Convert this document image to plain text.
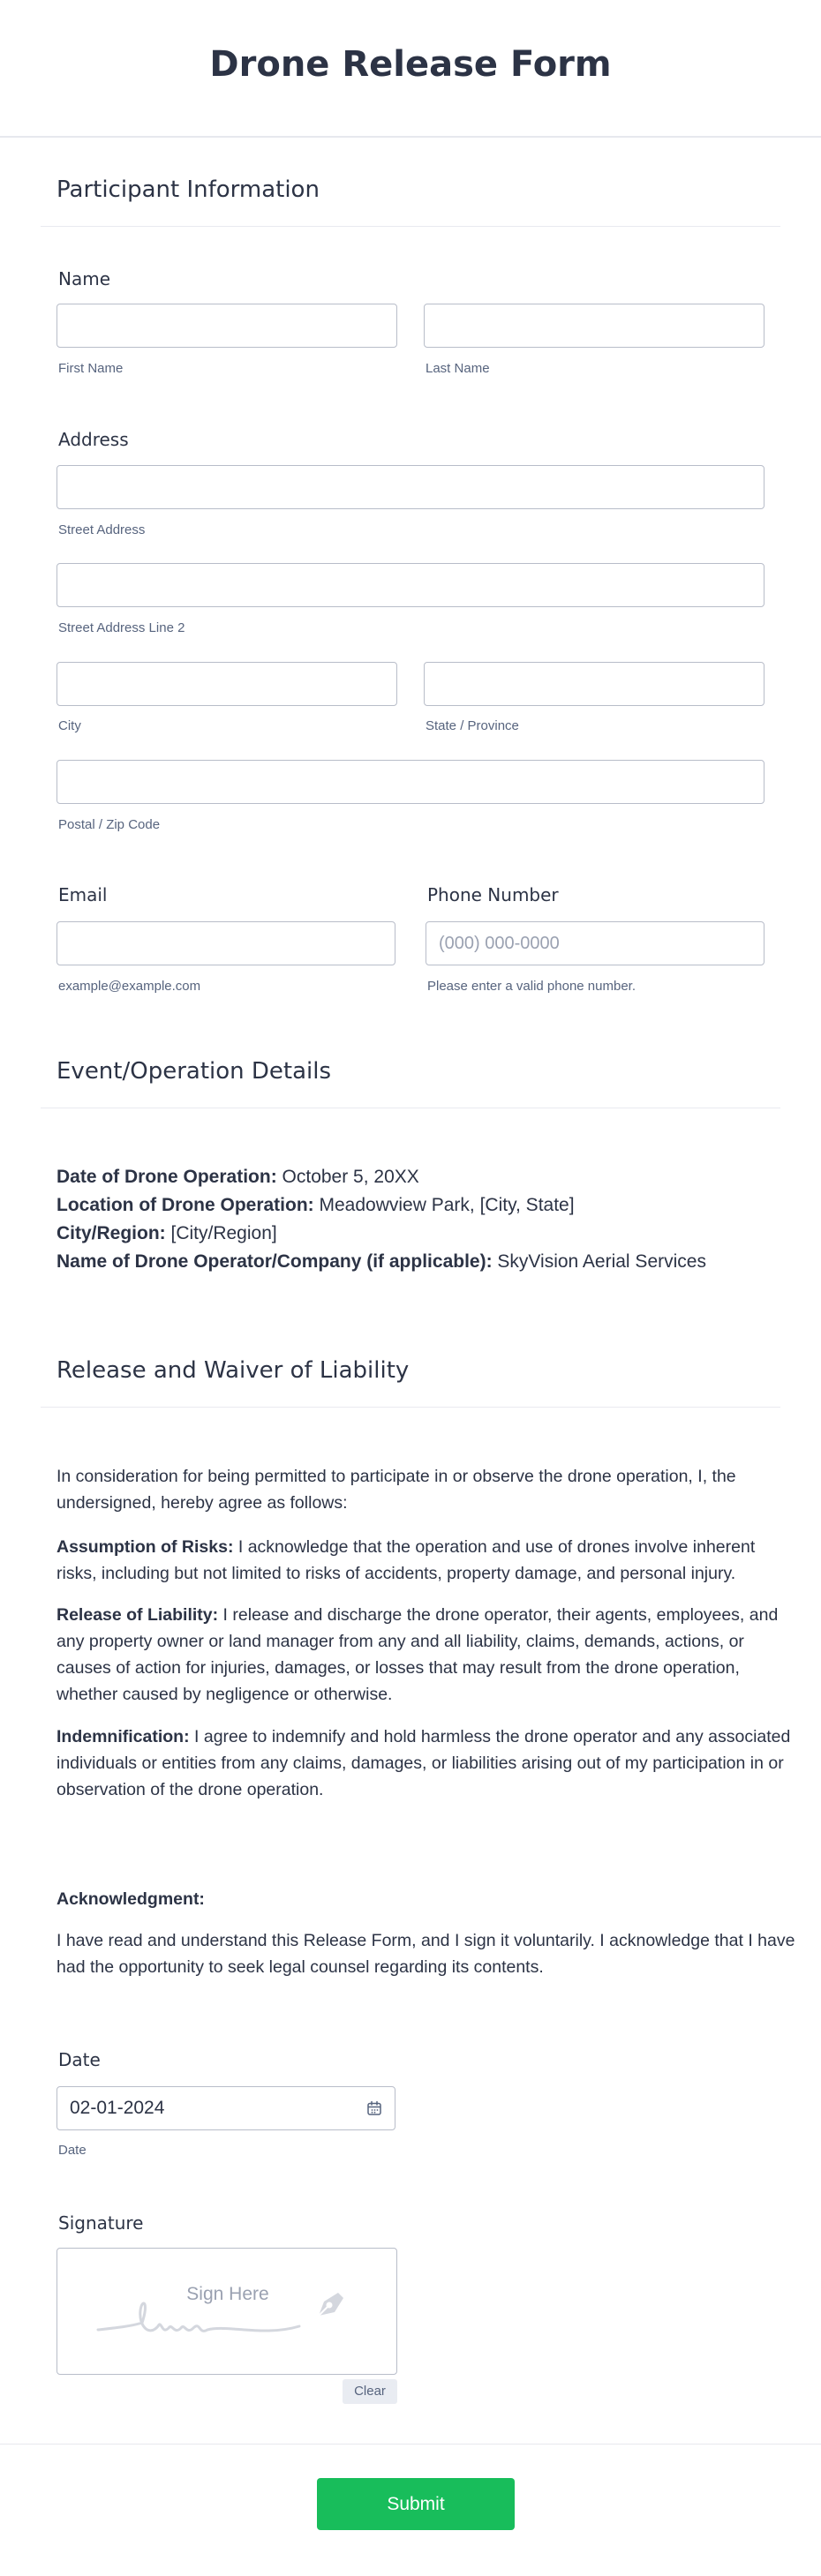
Drone Release Form
Participant Information
Name
First Name	Last Name
Address
Street Address
Street Address Line 2
City	State / Province
Postal / Zip Code
Email
example@example.com
Phone Number
(000) 000-0000
Please enter a valid phone number.
Event/Operation Details
Date of Drone Operation: October 5, 20XX
Location of Drone Operation: Meadowview Park, [City, State]
City/Region: [City/Region]
Name of Drone Operator/Company (if applicable): SkyVision Aerial Services
Release and Waiver of Liability
In consideration for being permitted to participate in or observe the drone operation, I, the undersigned, hereby agree as follows:
Assumption of Risks: I acknowledge that the operation and use of drones involve inherent risks, including but not limited to risks of accidents, property damage, and personal injury.
Release of Liability: I release and discharge the drone operator, their agents, employees, and any property owner or land manager from any and all liability, claims, demands, actions, or causes of action for injuries, damages, or losses that may result from the drone operation, whether caused by negligence or otherwise.
Indemnification: I agree to indemnify and hold harmless the drone operator and any associated individuals or entities from any claims, damages, or liabilities arising out of my participation in or observation of the drone operation.
Acknowledgment:
I have read and understand this Release Form, and I sign it voluntarily. I acknowledge that I have had the opportunity to seek legal counsel regarding its contents.
Date
02-01-2024
Date
Signature
Sign Here
Clear
Submit
